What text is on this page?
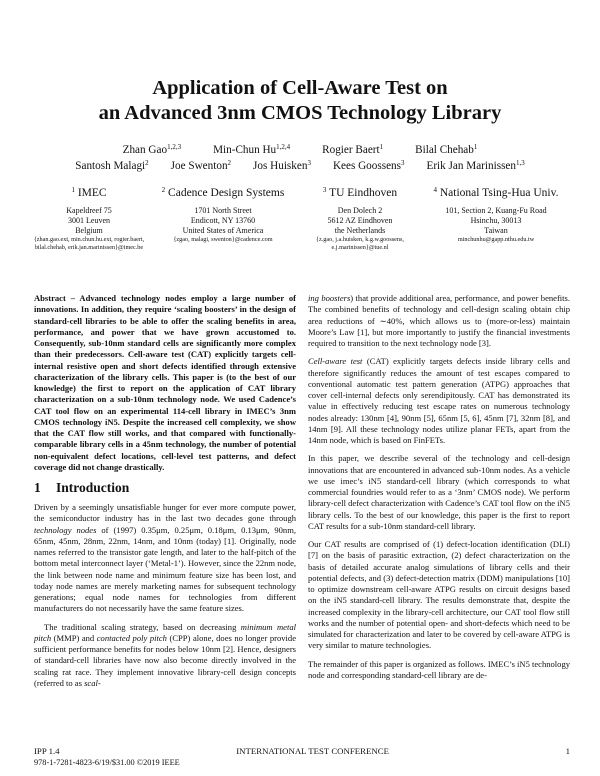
Application of Cell-Aware Test on
an Advanced 3nm CMOS Technology Library
Zhan Gao$^{1,2,3}$	Min-Chun Hu$^{1,2,4}$	Rogier Baert$^1$	Bilal Chehab$^1$
Santosh Malagi$^2$ Joe Swenton$^2$ Jos Huisken$^3$ Kees Goossens$^3$ Erik Jan Marinissen$^{1,3}$
$^1$ IMEC
Kapeldreef 75
3001 Leuven
Belgium
{zhan.gao.ext, min.chun.hu.ext, rogier.baert,
bilal.chehab, erik.jan.marinissen}@imec.be
$^2$ Cadence Design Systems
1701 North Street
Endicott, NY 13760
United States of America
{zgao, malagi, swenton}@cadence.com
$^3$ TU Eindhoven
Den Dolech 2
5612 AZ Eindhoven
the Netherlands
{z.gao, j.a.huisken, k.g.w.goossens,
e.j.marinissen}@tue.nl
$^4$ National Tsing-Hua Univ.
101, Section 2, Kuang-Fu Road
Hsinchu, 30013
Taiwan
minchunhu@gapp.nthu.edu.tw

Abstract – Advanced technology nodes employ a large number of innovations. In addition, they require ‘scaling boosters’ in the design of standard-cell libraries to be able to offer the scaling benefits in area, performance, and power that we have grown accustomed to. Consequently, sub-10nm standard cells are significantly more complex than their predecessors. Cell-aware test (CAT) explicitly targets cell-internal resistive open and short defects identified through extensive characterization of the library cells. This paper is (to the best of our knowledge) the first to report on the application of CAT library characterization on a sub-10nm technology node. We used Cadence’s CAT tool flow on an experimental 114-cell library in IMEC’s 3nm CMOS technology iN5. Despite the increased cell complexity, we show that the CAT flow still works, and that compared with functionally-comparable library cells in a 45nm technology, the number of potential non-equivalent defect locations, cell-level test patterns, and defect coverage did not change drastically.

1 Introduction

Driven by a seemingly unsatisfiable hunger for ever more compute power, the semiconductor industry has in the last two decades gone through technology nodes of (1997) 0.35μm, 0.25μm, 0.18μm, 0.13μm, 90nm, 65nm, 45nm, 28nm, 22nm, 14nm, and 10nm (today) [1]. Originally, node names referred to the transistor gate length, and later to the half-pitch of the bottom metal interconnect layer (‘Metal-1’). However, since the 22nm node, the link between node name and minimum feature size has been lost, and today node names are merely marketing names for subsequent technology generations; equal node names for technologies from different manufacturers do not necessarily have the same feature sizes.

The traditional scaling strategy, based on decreasing minimum metal pitch (MMP) and contacted poly pitch (CPP) alone, does no longer provide sufficient performance benefits for nodes below 10nm [2]. Hence, designers of standard-cell libraries have now also become directly involved in the scaling rat race. They implement innovative library-cell design concepts (referred to as scal-

ing boosters) that provide additional area, performance, and power benefits. The combined benefits of technology and cell-design scaling obtain chip area reductions of ∼40%, which allows us to (more-or-less) maintain Moore’s Law [1], but more importantly to justify the financial investments required to transition to the next technology node [3].

Cell-aware test (CAT) explicitly targets defects inside library cells and therefore significantly reduces the amount of test escapes compared to conventional automatic test pattern generation (ATPG) approaches that cover cell-internal defects only serendipitously. CAT has demonstrated its value in effectively reducing test escape rates on numerous technology nodes already: 130nm [4], 90nm [5], 65nm [5, 6], 45nm [7], 32nm [8], and 14nm [9]. All these technology nodes utilize planar FETs, apart from the 14nm node, which is based on FinFETs.

In this paper, we describe several of the technology and cell-design innovations that are encountered in advanced sub-10nm nodes. As a vehicle we use imec’s iN5 standard-cell library (which corresponds to what commercial foundries would refer to as a ‘3nm’ CMOS node). We perform library-cell defect characterization with Cadence’s CAT tool flow on the iN5 library cells. To the best of our knowledge, this paper is the first to report CAT results for a sub-10nm standard-cell library.

Our CAT results are comprised of (1) defect-location identification (DLI) [7] on the basis of parasitic extraction, (2) defect characterization on the basis of detailed accurate analog simulations of library cells and their potential defects, and (3) defect-detection matrix (DDM) manipulations [10] to optimize downstream cell-aware ATPG results on circuit designs based on the iN5 standard-cell library. The results demonstrate that, despite the increased complexity in the library-cell architecture, our CAT tool flow still works and the number of potential open- and short-defects which need to be simulated for characterization and later to be covered by cell-aware ATPG is very similar to mature technologies.

The remainder of this paper is organized as follows. IMEC’s iN5 technology node and corresponding standard-cell library are de-

IPP 1.4	INTERNATIONAL TEST CONFERENCE	1
978-1-7281-4823-6/19/$31.00 ©2019 IEEE
